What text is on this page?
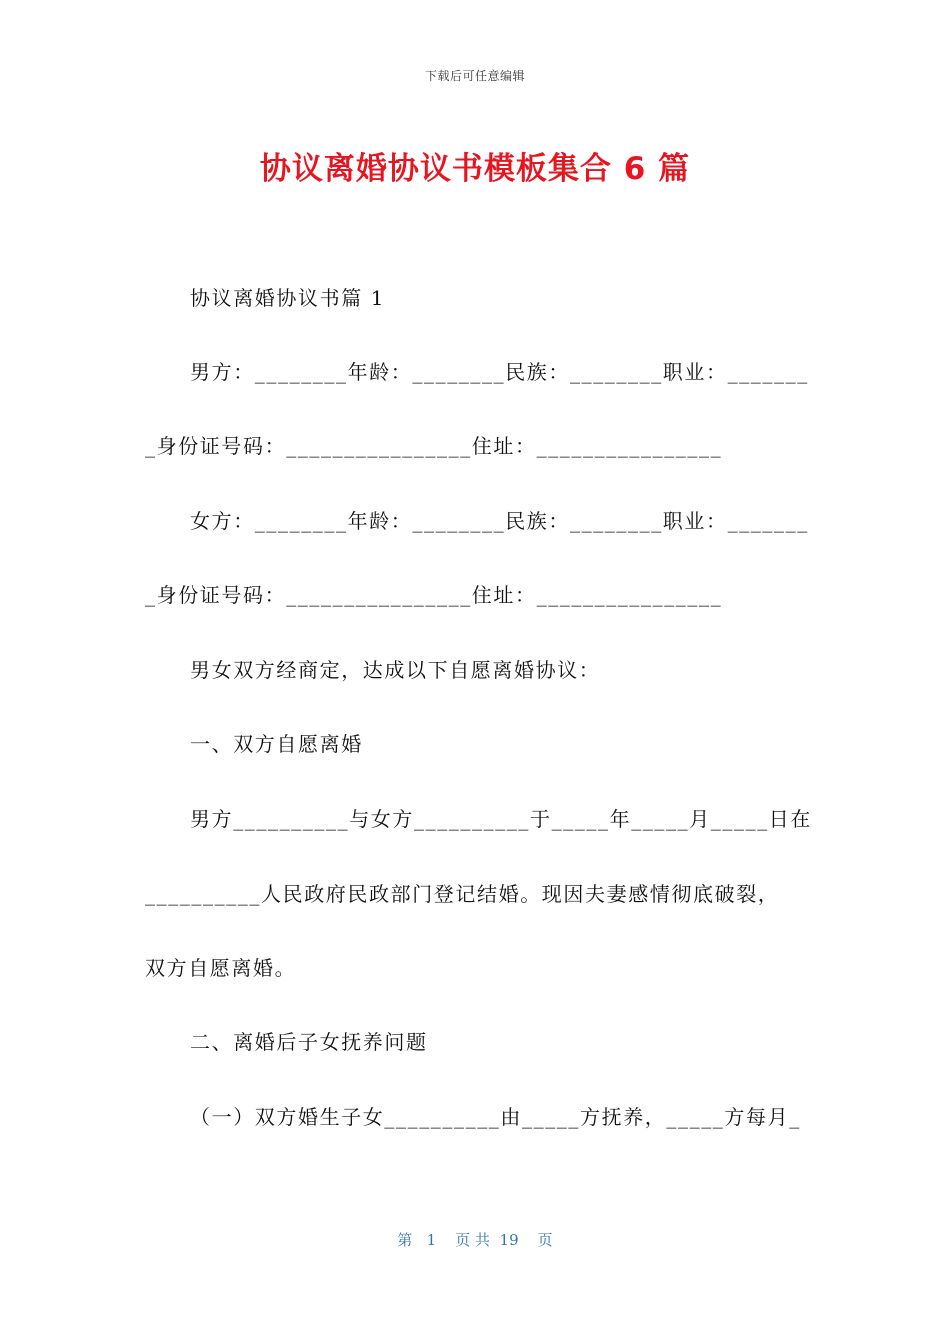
下载后可任意编辑
协议离婚协议书模板集合 6 篇
协议离婚协议书篇 1
男方：________年龄：________民族：________职业：_______
_身份证号码：________________住址：________________
女方：________年龄：________民族：________职业：_______
_身份证号码：________________住址：________________
男女双方经商定，达成以下自愿离婚协议：
一、双方自愿离婚
男方__________与女方__________于_____年_____月_____日在
__________人民政府民政部门登记结婚。现因夫妻感情彻底破裂，
双方自愿离婚。
二、离婚后子女抚养问题
（一）双方婚生子女__________由_____方抚养，_____方每月_
第   1    页 共  19    页
